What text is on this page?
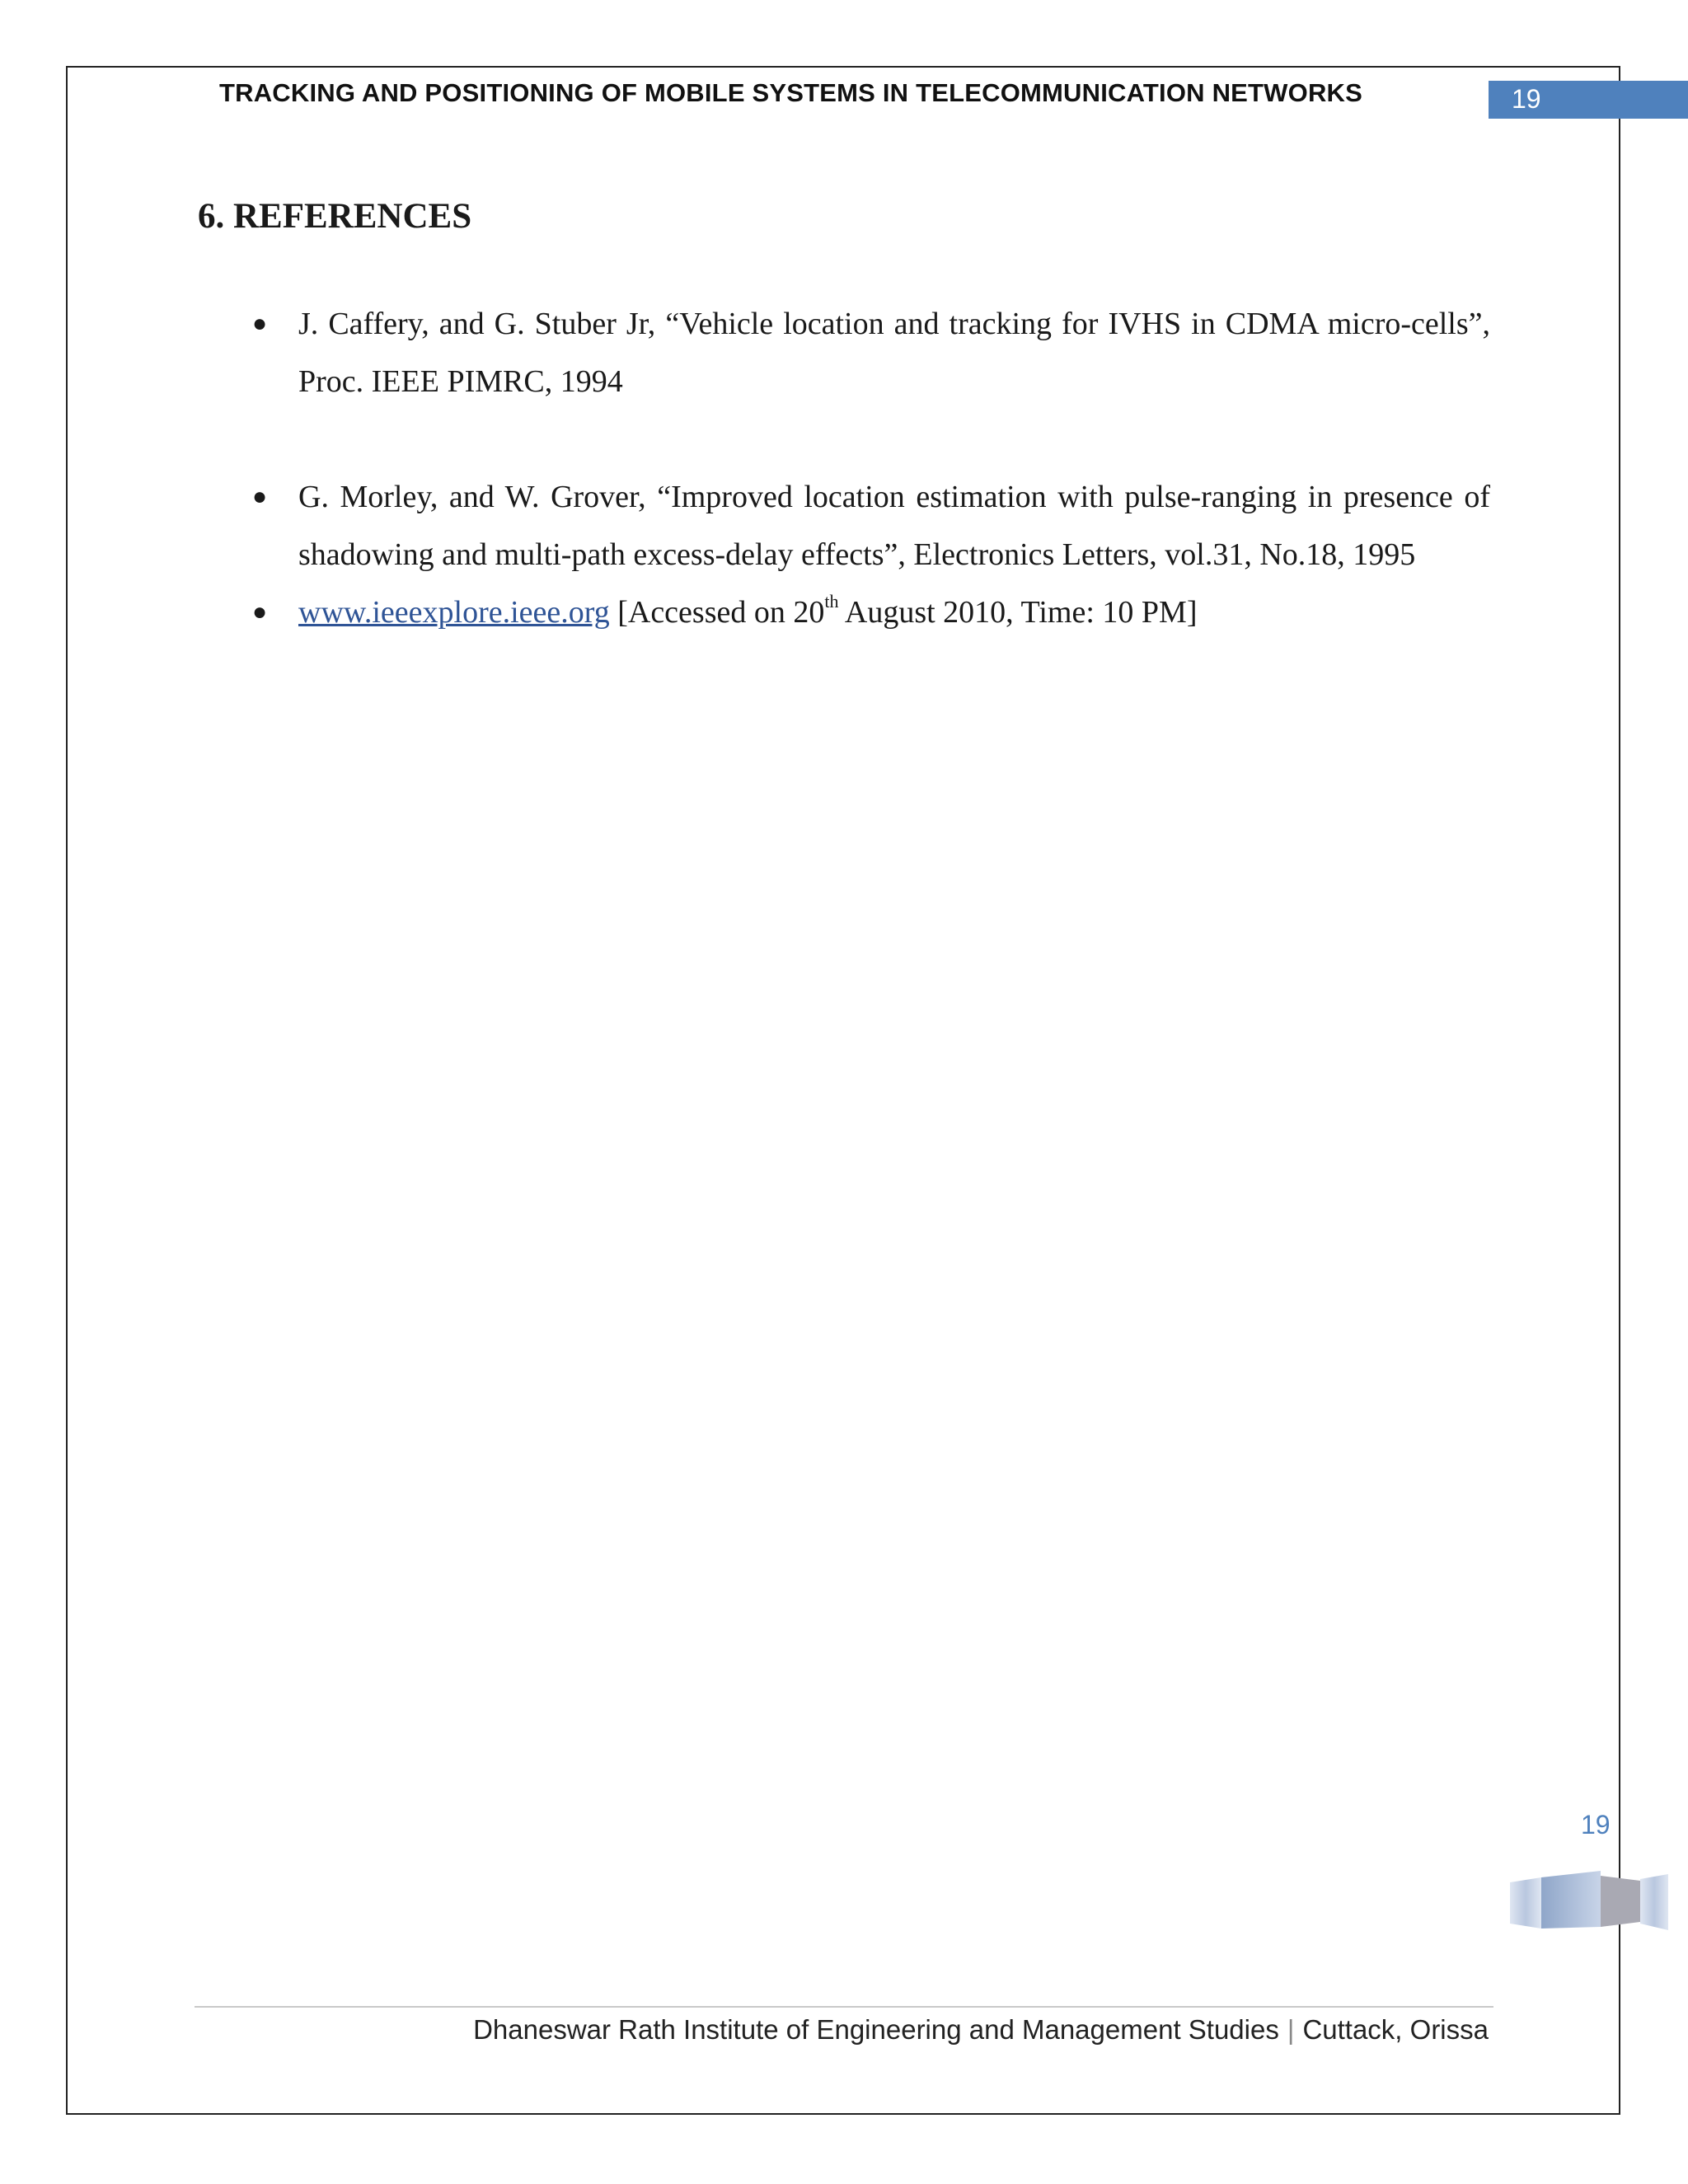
TRACKING AND POSITIONING OF MOBILE SYSTEMS IN TELECOMMUNICATION NETWORKS	19
6. REFERENCES
● J. Caffery, and G. Stuber Jr, “Vehicle location and tracking for IVHS in CDMA micro-cells”, Proc. IEEE PIMRC, 1994
● G. Morley, and W. Grover, “Improved location estimation with pulse-ranging in presence of shadowing and multi-path excess-delay effects”, Electronics Letters, vol.31, No.18, 1995
● www.ieeexplore.ieee.org [Accessed on 20th August 2010, Time: 10 PM]
19
Dhaneswar Rath Institute of Engineering and Management Studies | Cuttack, Orissa
